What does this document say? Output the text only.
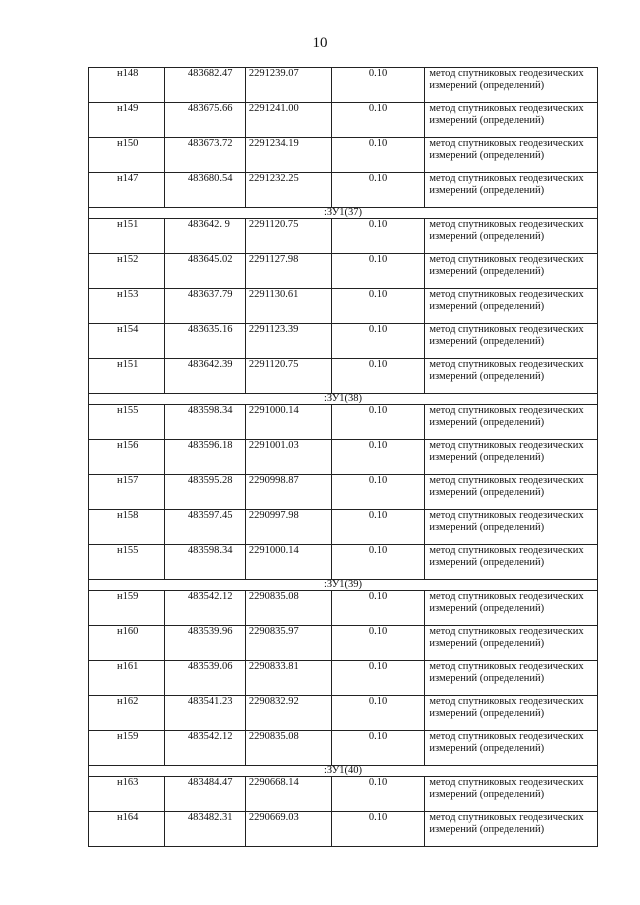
10
н148	483682.47	2291239.07	0.10	метод спутниковых геодезических измерений (определений)
н149	483675.66	2291241.00	0.10	метод спутниковых геодезических измерений (определений)
н150	483673.72	2291234.19	0.10	метод спутниковых геодезических измерений (определений)
н147	483680.54	2291232.25	0.10	метод спутниковых геодезических измерений (определений)
:ЗУ1(37)				
н151	483642. 9	2291120.75	0.10	метод спутниковых геодезических измерений (определений)
н152	483645.02	2291127.98	0.10	метод спутниковых геодезических измерений (определений)
н153	483637.79	2291130.61	0.10	метод спутниковых геодезических измерений (определений)
н154	483635.16	2291123.39	0.10	метод спутниковых геодезических измерений (определений)
н151	483642.39	2291120.75	0.10	метод спутниковых геодезических измерений (определений)
:ЗУ1(38)				
н155	483598.34	2291000.14	0.10	метод спутниковых геодезических измерений (определений)
н156	483596.18	2291001.03	0.10	метод спутниковых геодезических измерений (определений)
н157	483595.28	2290998.87	0.10	метод спутниковых геодезических измерений (определений)
н158	483597.45	2290997.98	0.10	метод спутниковых геодезических измерений (определений)
н155	483598.34	2291000.14	0.10	метод спутниковых геодезических измерений (определений)
:ЗУ1(39)				
н159	483542.12	2290835.08	0.10	метод спутниковых геодезических измерений (определений)
н160	483539.96	2290835.97	0.10	метод спутниковых геодезических измерений (определений)
н161	483539.06	2290833.81	0.10	метод спутниковых геодезических измерений (определений)
н162	483541.23	2290832.92	0.10	метод спутниковых геодезических измерений (определений)
н159	483542.12	2290835.08	0.10	метод спутниковых геодезических измерений (определений)
:ЗУ1(40)				
н163	483484.47	2290668.14	0.10	метод спутниковых геодезических измерений (определений)
н164	483482.31	2290669.03	0.10	метод спутниковых геодезических измерений (определений)
